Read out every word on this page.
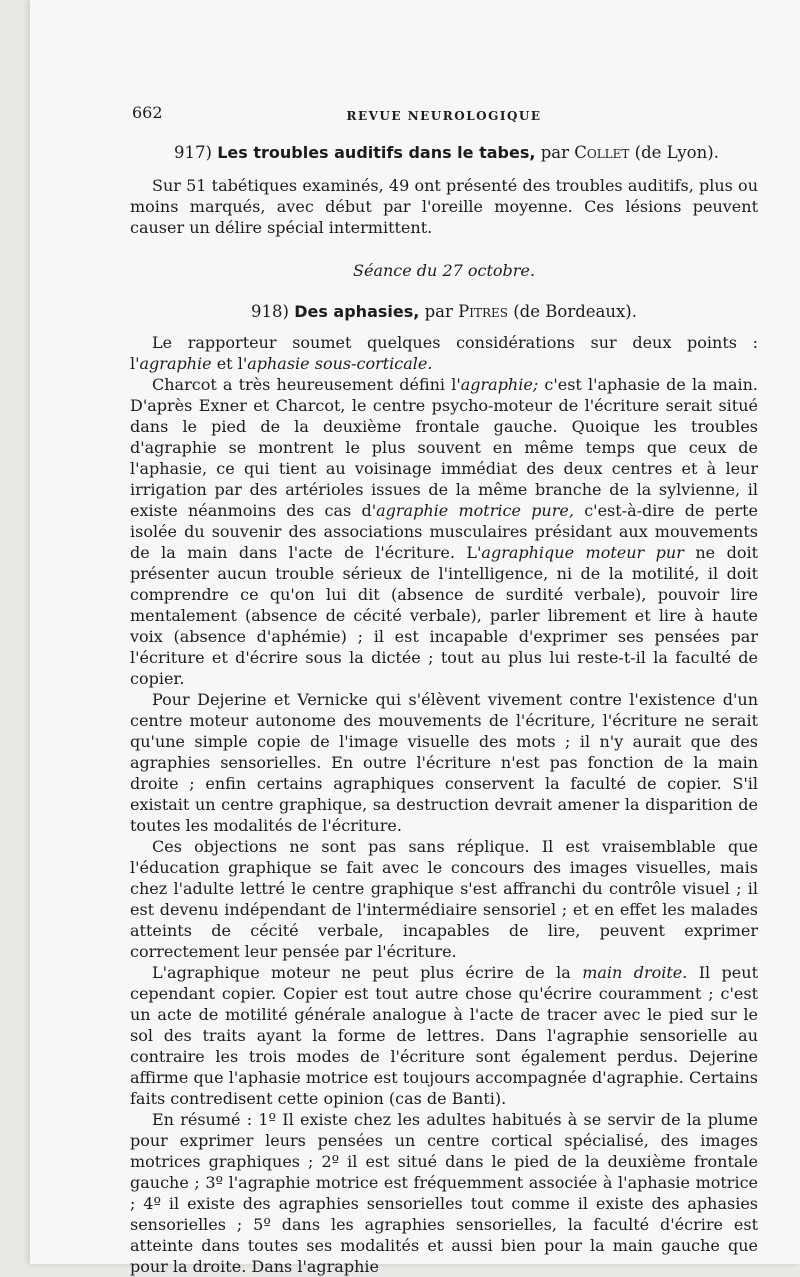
662	REVUE NEUROLOGIQUE
917) Les troubles auditifs dans le tabes, par Collet (de Lyon).

Sur 51 tabétiques examinés, 49 ont présenté des troubles auditifs, plus ou moins marqués, avec début par l'oreille moyenne. Ces lésions peuvent causer un délire spécial intermittent.

Séance du 27 octobre.

918) Des aphasies, par Pitres (de Bordeaux).

Le rapporteur soumet quelques considérations sur deux points : l'agraphie et l'aphasie sous-corticale.

Charcot a très heureusement défini l'agraphie; c'est l'aphasie de la main. D'après Exner et Charcot, le centre psycho-moteur de l'écriture serait situé dans le pied de la deuxième frontale gauche. Quoique les troubles d'agraphie se montrent le plus souvent en même temps que ceux de l'aphasie, ce qui tient au voisinage immédiat des deux centres et à leur irrigation par des artérioles issues de la même branche de la sylvienne, il existe néanmoins des cas d'agraphie motrice pure, c'est-à-dire de perte isolée du souvenir des associations musculaires présidant aux mouvements de la main dans l'acte de l'écriture. L'agraphique moteur pur ne doit présenter aucun trouble sérieux de l'intelligence, ni de la motilité, il doit comprendre ce qu'on lui dit (absence de surdité verbale), pouvoir lire mentalement (absence de cécité verbale), parler librement et lire à haute voix (absence d'aphémie) ; il est incapable d'exprimer ses pensées par l'écriture et d'écrire sous la dictée ; tout au plus lui reste-t-il la faculté de copier.

Pour Dejerine et Vernicke qui s'élèvent vivement contre l'existence d'un centre moteur autonome des mouvements de l'écriture, l'écriture ne serait qu'une simple copie de l'image visuelle des mots ; il n'y aurait que des agraphies sensorielles. En outre l'écriture n'est pas fonction de la main droite ; enfin certains agraphiques conservent la faculté de copier. S'il existait un centre graphique, sa destruction devrait amener la disparition de toutes les modalités de l'écriture.

Ces objections ne sont pas sans réplique. Il est vraisemblable que l'éducation graphique se fait avec le concours des images visuelles, mais chez l'adulte lettré le centre graphique s'est affranchi du contrôle visuel ; il est devenu indépendant de l'intermédiaire sensoriel ; et en effet les malades atteints de cécité verbale, incapables de lire, peuvent exprimer correctement leur pensée par l'écriture.

L'agraphique moteur ne peut plus écrire de la main droite. Il peut cependant copier. Copier est tout autre chose qu'écrire couramment ; c'est un acte de motilité générale analogue à l'acte de tracer avec le pied sur le sol des traits ayant la forme de lettres. Dans l'agraphie sensorielle au contraire les trois modes de l'écriture sont également perdus. Dejerine affirme que l'aphasie motrice est toujours accompagnée d'agraphie. Certains faits contredisent cette opinion (cas de Banti).

En résumé : 1º Il existe chez les adultes habitués à se servir de la plume pour exprimer leurs pensées un centre cortical spécialisé, des images motrices graphiques ; 2º il est situé dans le pied de la deuxième frontale gauche ; 3º l'agraphie motrice est fréquemment associée à l'aphasie motrice ; 4º il existe des agraphies sensorielles tout comme il existe des aphasies sensorielles ; 5º dans les agraphies sensorielles, la faculté d'écrire est atteinte dans toutes ses modalités et aussi bien pour la main gauche que pour la droite. Dans l'agraphie
